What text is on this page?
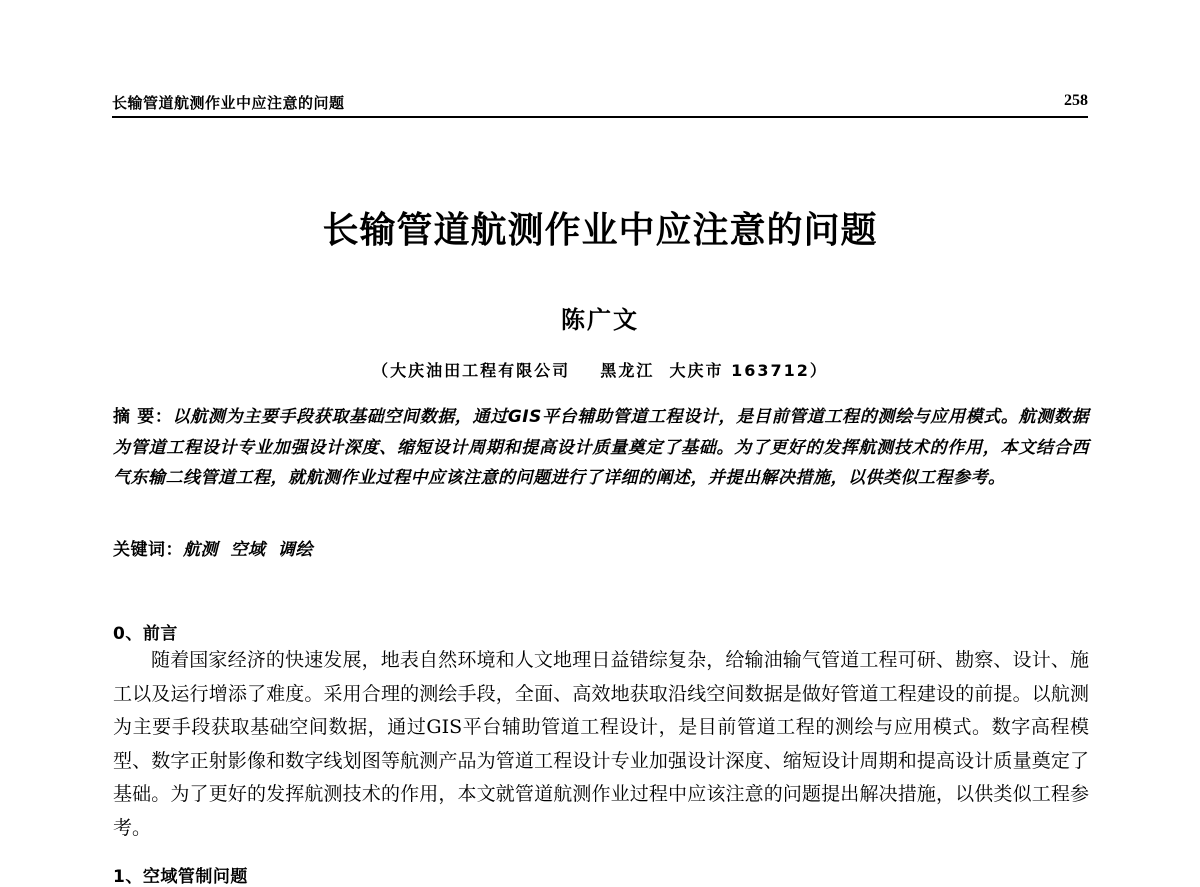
长输管道航测作业中应注意的问题	258
长输管道航测作业中应注意的问题
陈广文
（大庆油田工程有限公司    黑龙江  大庆市 163712）
摘 要：以航测为主要手段获取基础空间数据，通过GIS平台辅助管道工程设计，是目前管道工程的测绘与应用模式。航测数据为管道工程设计专业加强设计深度、缩短设计周期和提高设计质量奠定了基础。为了更好的发挥航测技术的作用，本文结合西气东输二线管道工程，就航测作业过程中应该注意的问题进行了详细的阐述，并提出解决措施，以供类似工程参考。
关键词：航测 空域 调绘
0、前言
随着国家经济的快速发展，地表自然环境和人文地理日益错综复杂，给输油输气管道工程可研、勘察、设计、施工以及运行增添了难度。采用合理的测绘手段，全面、高效地获取沿线空间数据是做好管道工程建设的前提。以航测为主要手段获取基础空间数据，通过GIS平台辅助管道工程设计，是目前管道工程的测绘与应用模式。数字高程模型、数字正射影像和数字线划图等航测产品为管道工程设计专业加强设计深度、缩短设计周期和提高设计质量奠定了基础。为了更好的发挥航测技术的作用，本文就管道航测作业过程中应该注意的问题提出解决措施，以供类似工程参考。
1、空域管制问题
